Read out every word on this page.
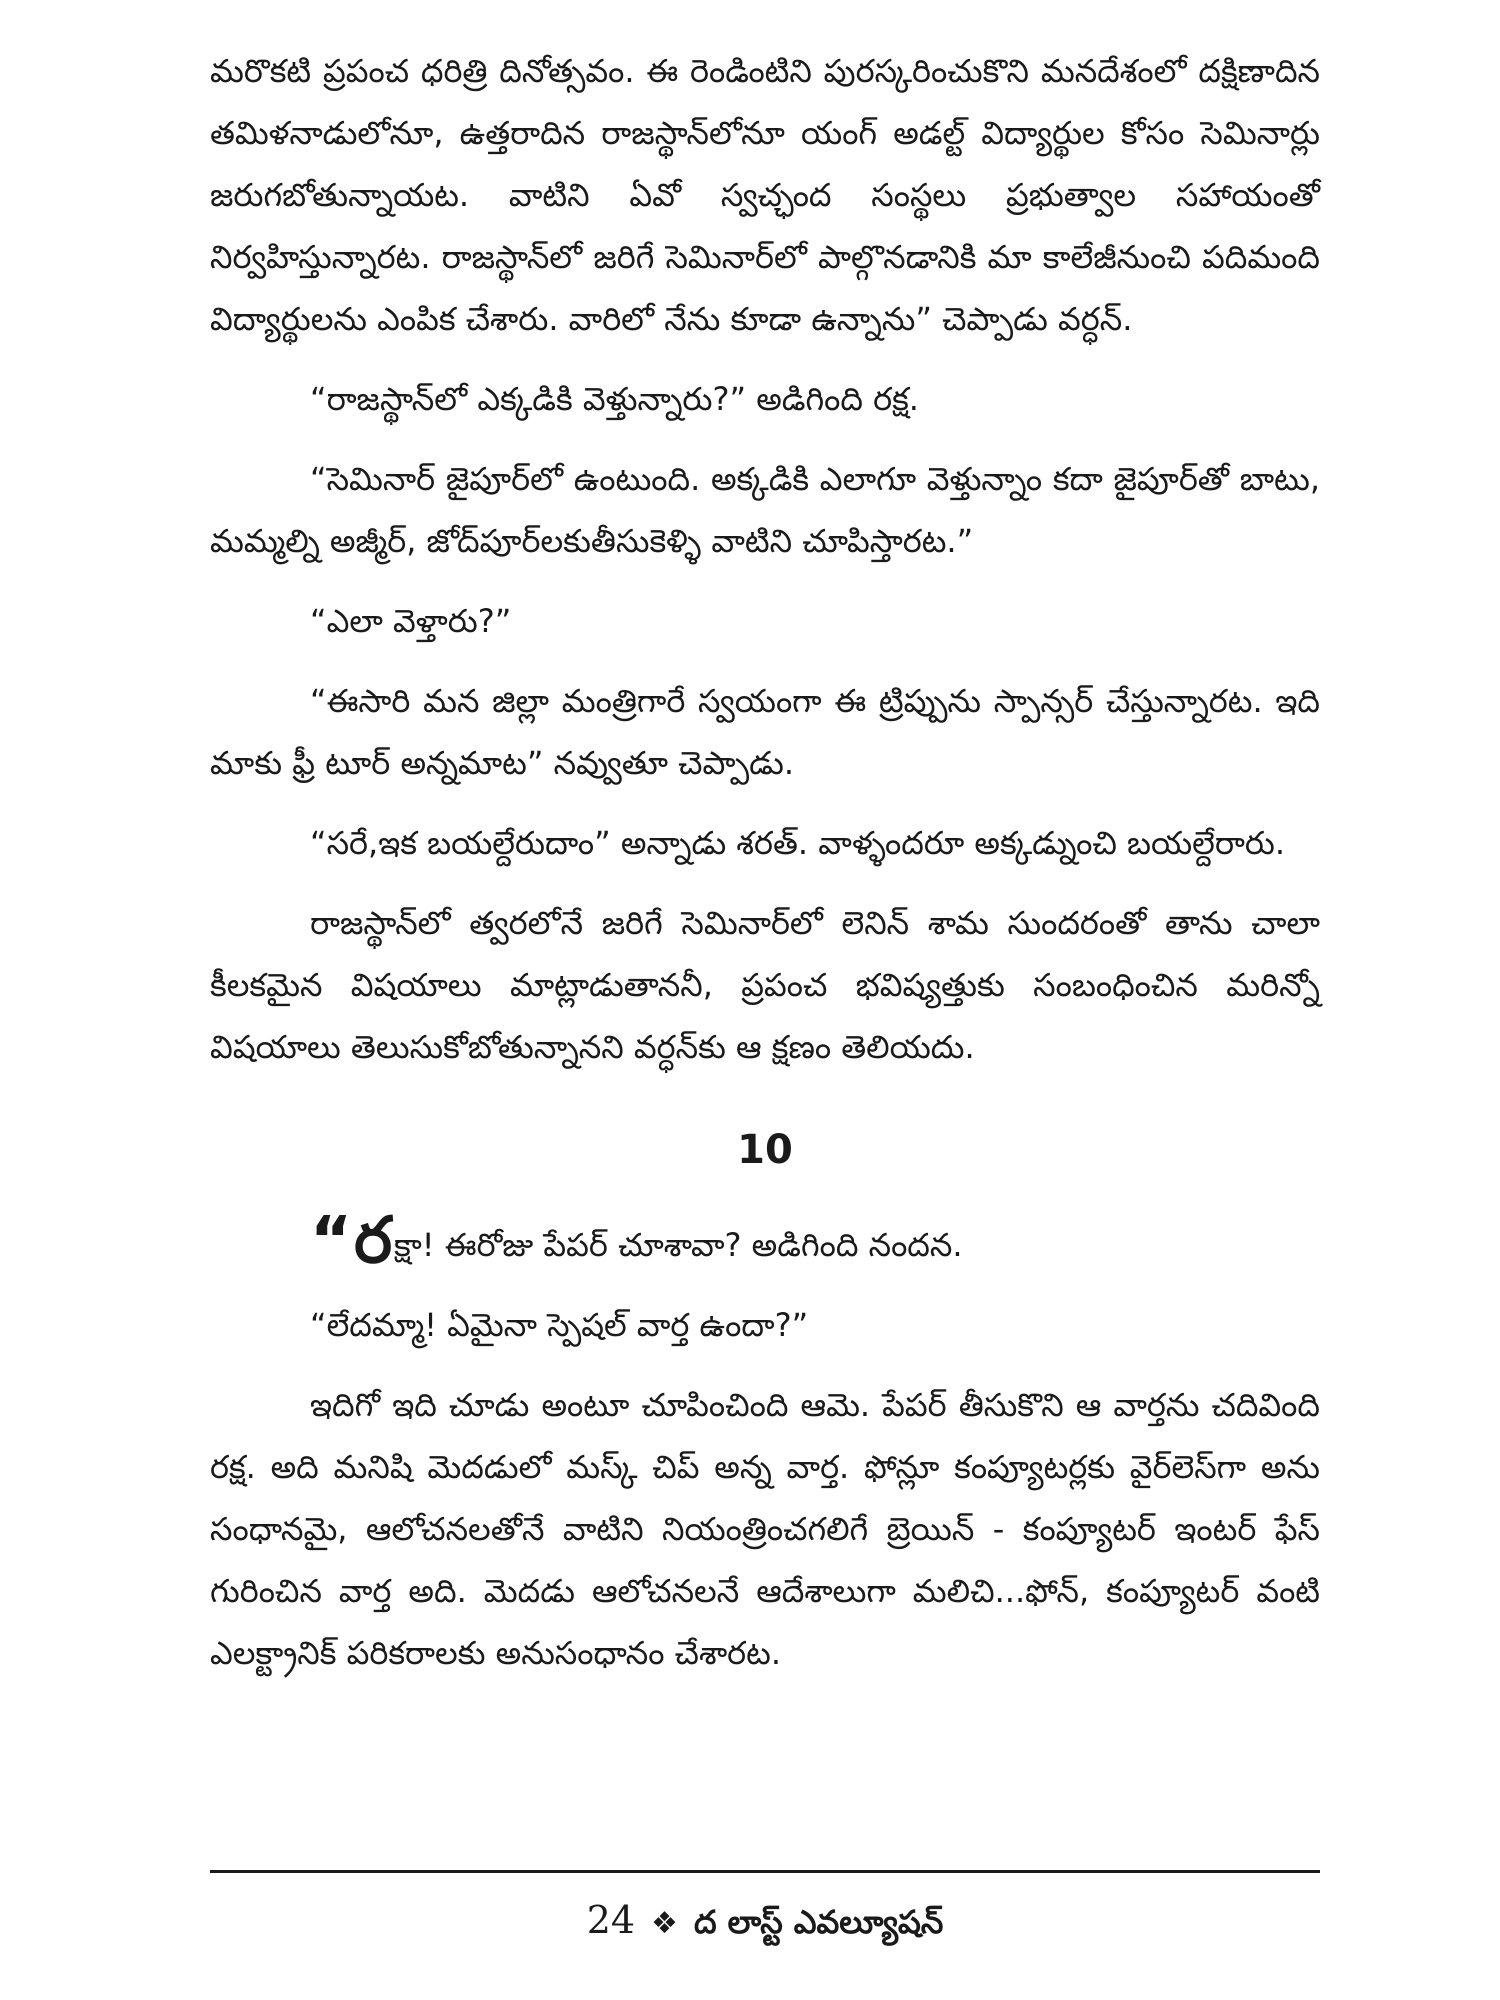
మరొకటి ప్రపంచ ధరిత్రి దినోత్సవం. ఈ రెండింటిని పురస్కరించుకొని మనదేశంలో దక్షిణాదిన తమిళనాడులోనూ, ఉత్తరాదిన రాజస్థాన్‌లోనూ యంగ్ అడల్ట్ విద్యార్థుల కోసం సెమినార్లు జరుగబోతున్నాయట. వాటిని ఏవో స్వచ్ఛంద సంస్థలు ప్రభుత్వాల సహాయంతో నిర్వహిస్తున్నారట. రాజస్థాన్‌లో జరిగే సెమినార్‌లో పాల్గొనడానికి మా కాలేజీనుంచి పదిమంది విద్యార్థులను ఎంపిక చేశారు. వారిలో నేను కూడా ఉన్నాను” చెప్పాడు వర్ధన్.

“రాజస్థాన్‌లో ఎక్కడికి వెళ్తున్నారు?” అడిగింది రక్ష.

“సెమినార్ జైపూర్‌లో ఉంటుంది. అక్కడికి ఎలాగూ వెళ్తున్నాం కదా జైపూర్‌తో బాటు, మమ్మల్ని అజ్మీర్, జోద్‌పూర్‌లకుతీసుకెళ్ళి వాటిని చూపిస్తారట.”

“ఎలా వెళ్తారు?”

“ఈసారి మన జిల్లా మంత్రిగారే స్వయంగా ఈ ట్రిప్పును స్పాన్సర్ చేస్తున్నారట. ఇది మాకు ఫ్రీ టూర్ అన్నమాట” నవ్వుతూ చెప్పాడు.

“సరే,ఇక బయల్దేరుదాం” అన్నాడు శరత్. వాళ్ళందరూ అక్కడ్నుంచి బయల్దేరారు.

రాజస్థాన్‌లో త్వరలోనే జరిగే సెమినార్‌లో లెనిన్ శామ సుందరంతో తాను చాలా కీలకమైన విషయాలు మాట్లాడుతాననీ, ప్రపంచ భవిష్యత్తుకు సంబంధించిన మరిన్నో విషయాలు తెలుసుకోబోతున్నానని వర్ధన్‌కు ఆ క్షణం తెలియదు.

10

“రక్షా! ఈరోజు పేపర్ చూశావా? అడిగింది నందన.

“లేదమ్మా! ఏమైనా స్పెషల్ వార్త ఉందా?”

ఇదిగో ఇది చూడు అంటూ చూపించింది ఆమె. పేపర్ తీసుకొని ఆ వార్తను చదివింది రక్ష. అది మనిషి మెదడులో మస్క్ చిప్ అన్న వార్త. ఫోన్లూ కంప్యూటర్లకు వైర్‌లెస్‌గా అను సంధానమై, ఆలోచనలతోనే వాటిని నియంత్రించగలిగే బ్రెయిన్ - కంప్యూటర్ ఇంటర్ ఫేస్ గురించిన వార్త అది. మెదడు ఆలోచనలనే ఆదేశాలుగా మలిచి...ఫోన్, కంప్యూటర్ వంటి ఎలక్ట్రానిక్ పరికరాలకు అనుసంధానం చేశారట.

24 ❖ ద లాస్ట్ ఎవల్యూషన్
